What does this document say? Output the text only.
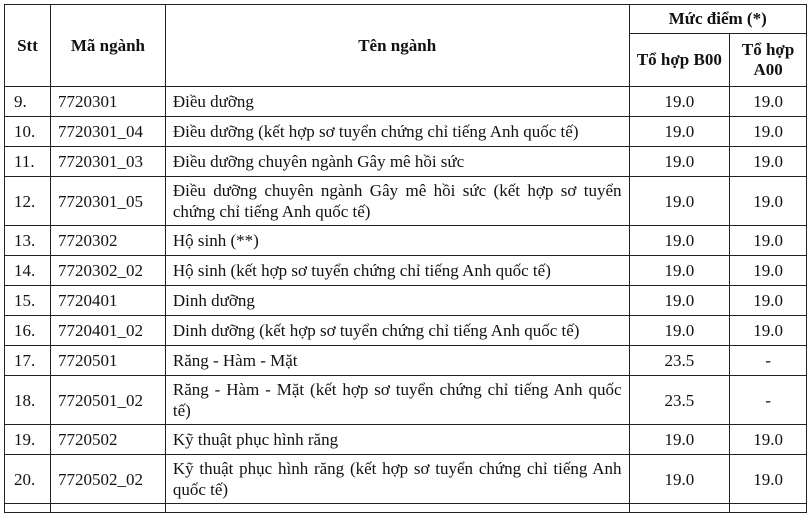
Stt	Mã ngành	Tên ngành	Mức điểm (*)	
			Tổ hợp B00	Tổ hợp A00
9.	7720301	Điều dưỡng	19.0	19.0
10.	7720301_04	Điều dưỡng (kết hợp sơ tuyển chứng chỉ tiếng Anh quốc tế)	19.0	19.0
11.	7720301_03	Điều dưỡng chuyên ngành Gây mê hồi sức	19.0	19.0
12.	7720301_05	Điều dưỡng chuyên ngành Gây mê hồi sức (kết hợp sơ tuyển chứng chỉ tiếng Anh quốc tế)	19.0	19.0
13.	7720302	Hộ sinh (**)	19.0	19.0
14.	7720302_02	Hộ sinh (kết hợp sơ tuyển chứng chỉ tiếng Anh quốc tế)	19.0	19.0
15.	7720401	Dinh dưỡng	19.0	19.0
16.	7720401_02	Dinh dưỡng (kết hợp sơ tuyển chứng chỉ tiếng Anh quốc tế)	19.0	19.0
17.	7720501	Răng - Hàm - Mặt	23.5	-
18.	7720501_02	Răng - Hàm - Mặt (kết hợp sơ tuyển chứng chỉ tiếng Anh quốc tế)	23.5	-
19.	7720502	Kỹ thuật phục hình răng	19.0	19.0
20.	7720502_02	Kỹ thuật phục hình răng (kết hợp sơ tuyển chứng chỉ tiếng Anh quốc tế)	19.0	19.0
